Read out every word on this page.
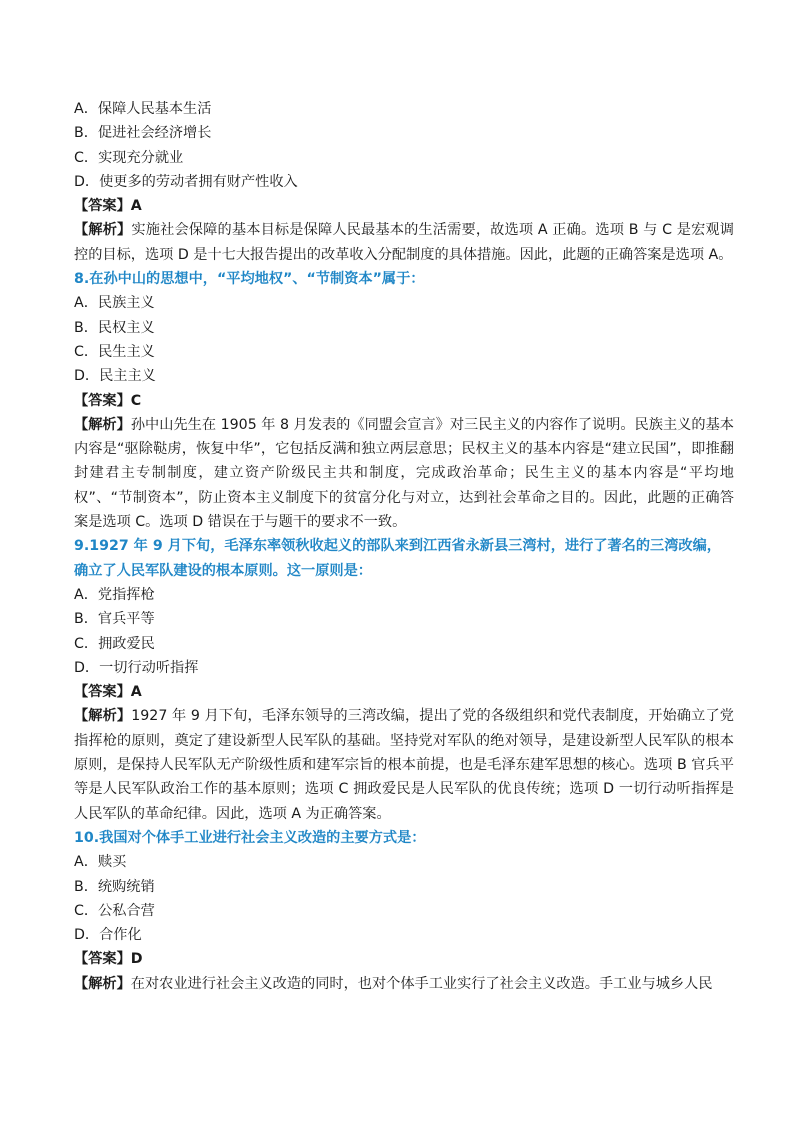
A．保障人民基本生活
B．促进社会经济增长
C．实现充分就业
D．使更多的劳动者拥有财产性收入
【答案】A
【解析】实施社会保障的基本目标是保障人民最基本的生活需要，故选项 A 正确。选项 B 与 C 是宏观调控的目标，选项 D 是十七大报告提出的改革收入分配制度的具体措施。因此，此题的正确答案是选项 A。
8.在孙中山的思想中，“平均地权”、“节制资本”属于：
A．民族主义
B．民权主义
C．民生主义
D．民主主义
【答案】C
【解析】孙中山先生在 1905 年 8 月发表的《同盟会宣言》对三民主义的内容作了说明。民族主义的基本内容是“驱除鞑虏，恢复中华”，它包括反满和独立两层意思；民权主义的基本内容是“建立民国”，即推翻封建君主专制制度，建立资产阶级民主共和制度，完成政治革命；民生主义的基本内容是“平均地权”、“节制资本”，防止资本主义制度下的贫富分化与对立，达到社会革命之目的。因此，此题的正确答案是选项 C。选项 D 错误在于与题干的要求不一致。
9.1927 年 9 月下旬，毛泽东率领秋收起义的部队来到江西省永新县三湾村，进行了著名的三湾改编，
确立了人民军队建设的根本原则。这一原则是：
A．党指挥枪
B．官兵平等
C．拥政爱民
D．一切行动听指挥
【答案】A
【解析】1927 年 9 月下旬，毛泽东领导的三湾改编，提出了党的各级组织和党代表制度，开始确立了党指挥枪的原则，奠定了建设新型人民军队的基础。坚持党对军队的绝对领导，是建设新型人民军队的根本原则，是保持人民军队无产阶级性质和建军宗旨的根本前提，也是毛泽东建军思想的核心。选项 B 官兵平等是人民军队政治工作的基本原则；选项 C 拥政爱民是人民军队的优良传统；选项 D 一切行动听指挥是人民军队的革命纪律。因此，选项 A 为正确答案。
10.我国对个体手工业进行社会主义改造的主要方式是：
A．赎买
B．统购统销
C．公私合营
D．合作化
【答案】D
【解析】在对农业进行社会主义改造的同时，也对个体手工业实行了社会主义改造。手工业与城乡人民
